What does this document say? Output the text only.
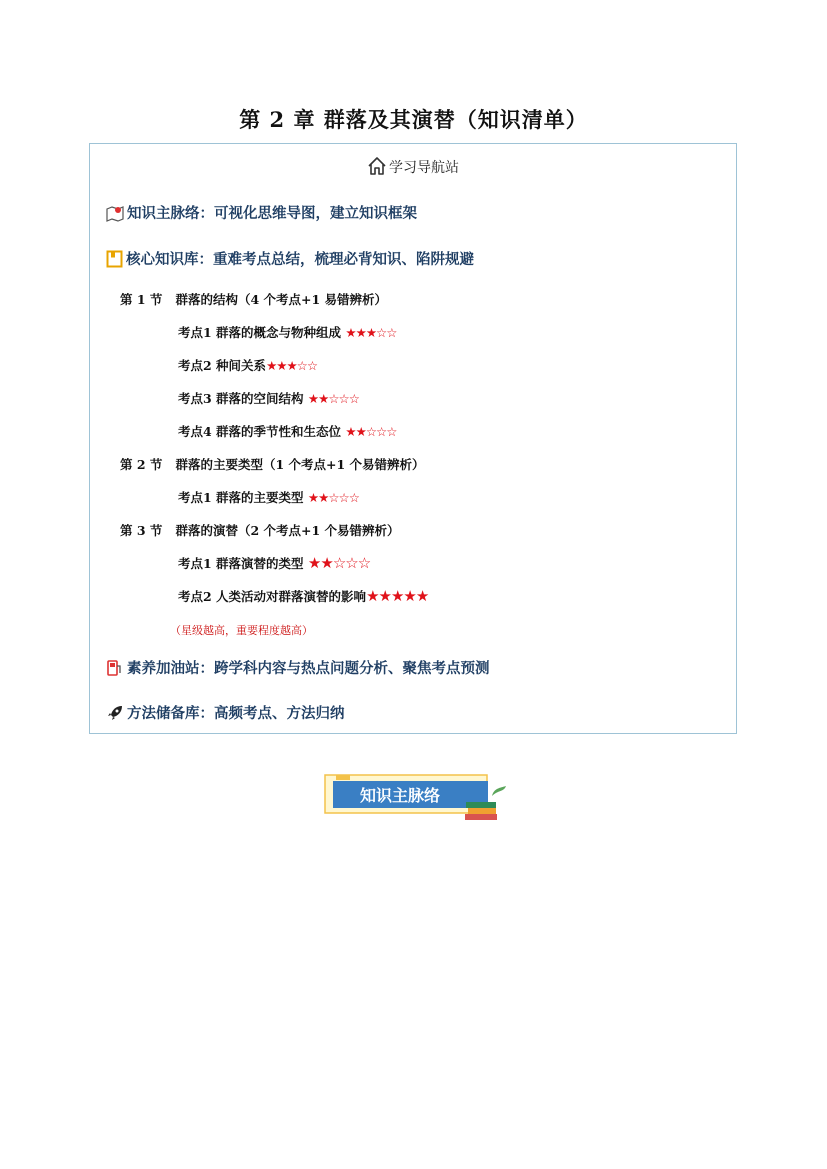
第 2 章 群落及其演替（知识清单）
学习导航站
知识主脉络：可视化思维导图，建立知识框架
核心知识库：重难考点总结，梳理必背知识、陷阱规避
第 1 节 群落的结构（4 个考点+1 易错辨析）
考点1 群落的概念与物种组成 ★★★☆☆
考点2 种间关系★★★☆☆
考点3 群落的空间结构 ★★☆☆☆
考点4 群落的季节性和生态位 ★★☆☆☆
第 2 节 群落的主要类型（1 个考点+1 个易错辨析）
考点1 群落的主要类型 ★★☆☆☆
第 3 节 群落的演替（2 个考点+1 个易错辨析）
考点1 群落演替的类型 ★★☆☆☆
考点2 人类活动对群落演替的影响★★★★★
（星级越高，重要程度越高）
素养加油站：跨学科内容与热点问题分析、聚焦考点预测
方法储备库：高频考点、方法归纳
知识主脉络
